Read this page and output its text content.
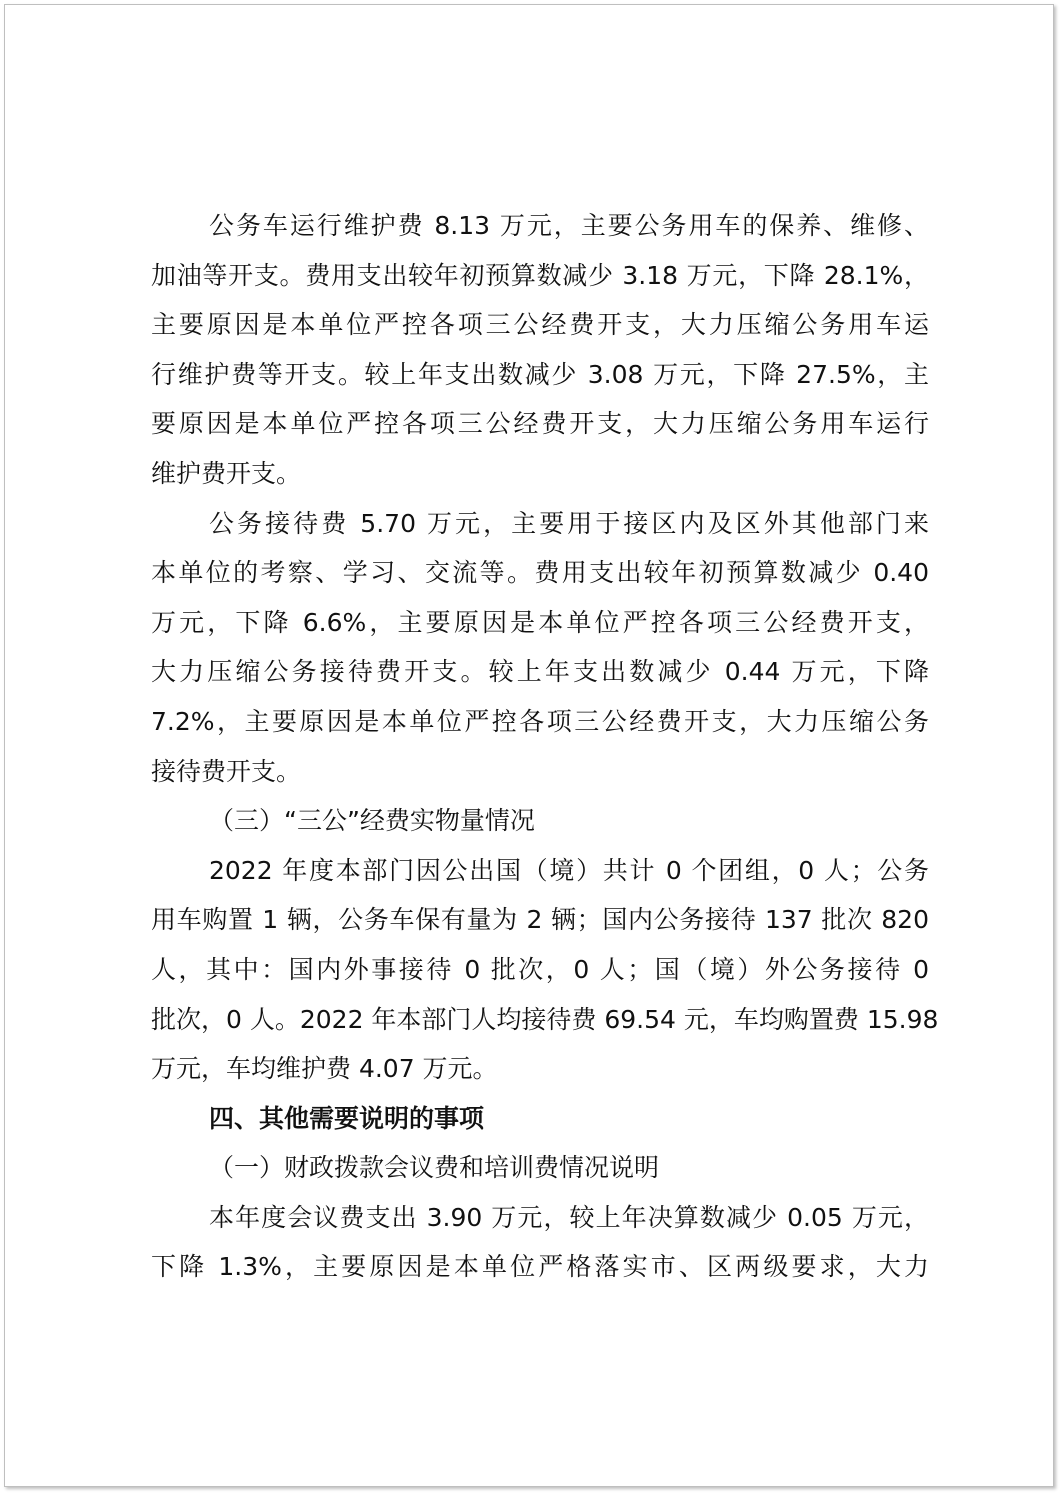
公务车运行维护费 8.13 万元，主要公务用车的保养、维修、
加油等开支。费用支出较年初预算数减少 3.18 万元，下降 28.1%，
主要原因是本单位严控各项三公经费开支，大力压缩公务用车运
行维护费等开支。较上年支出数减少 3.08 万元，下降 27.5%，主
要原因是本单位严控各项三公经费开支，大力压缩公务用车运行
维护费开支。
公务接待费 5.70 万元，主要用于接区内及区外其他部门来
本单位的考察、学习、交流等。费用支出较年初预算数减少 0.40
万元，下降 6.6%，主要原因是本单位严控各项三公经费开支，
大力压缩公务接待费开支。较上年支出数减少 0.44 万元，下降
7.2%，主要原因是本单位严控各项三公经费开支，大力压缩公务
接待费开支。
（三）“三公”经费实物量情况
2022 年度本部门因公出国（境）共计 0 个团组，0 人；公务
用车购置 1 辆，公务车保有量为 2 辆；国内公务接待 137 批次 820
人，其中：国内外事接待 0 批次，0 人；国（境）外公务接待 0
批次，0 人。2022 年本部门人均接待费 69.54 元，车均购置费 15.98
万元，车均维护费 4.07 万元。
四、其他需要说明的事项
（一）财政拨款会议费和培训费情况说明
本年度会议费支出 3.90 万元，较上年决算数减少 0.05 万元，
下降 1.3%，主要原因是本单位严格落实市、区两级要求，大力
